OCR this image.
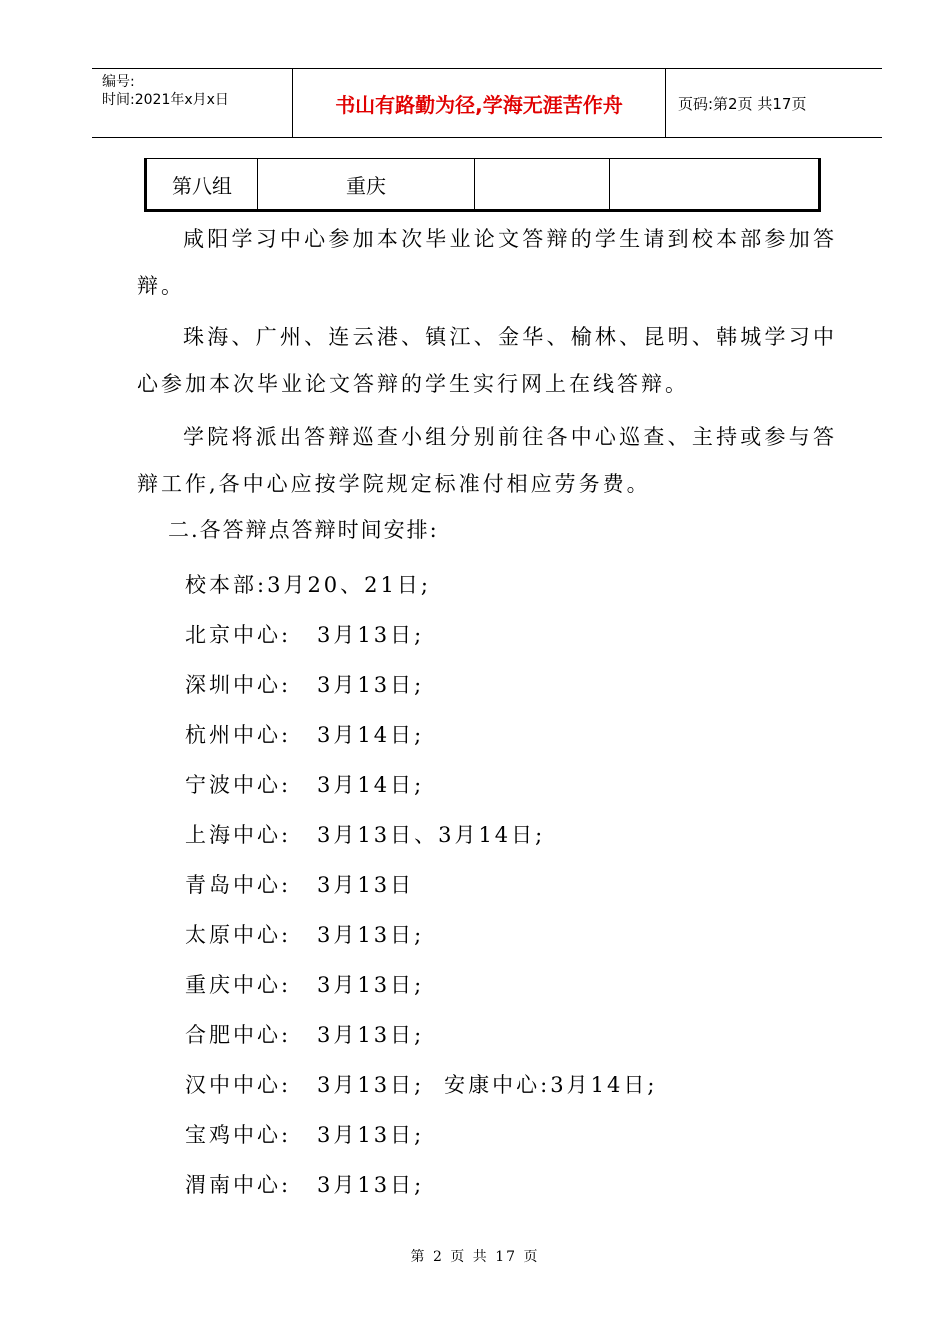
编号:
时间:2021年x月x日	书山有路勤为径,学海无涯苦作舟	页码:第2页 共17页
第八组	重庆		

咸阳学习中心参加本次毕业论文答辩的学生请到校本部参加答辩。

珠海、广州、连云港、镇江、金华、榆林、昆明、韩城学习中心参加本次毕业论文答辩的学生实行网上在线答辩。

学院将派出答辩巡查小组分别前往各中心巡查、主持或参与答辩工作,各中心应按学院规定标准付相应劳务费。

二.各答辩点答辩时间安排:

校本部:3月20、21日;
北京中心: 3月13日;
深圳中心: 3月13日;
杭州中心: 3月14日;
宁波中心: 3月14日;
上海中心: 3月13日、3月14日;
青岛中心: 3月13日
太原中心: 3月13日;
重庆中心: 3月13日;
合肥中心: 3月13日;
汉中中心: 3月13日; 安康中心:3月14日;
宝鸡中心: 3月13日;
渭南中心: 3月13日;
第 2 页 共 17 页
